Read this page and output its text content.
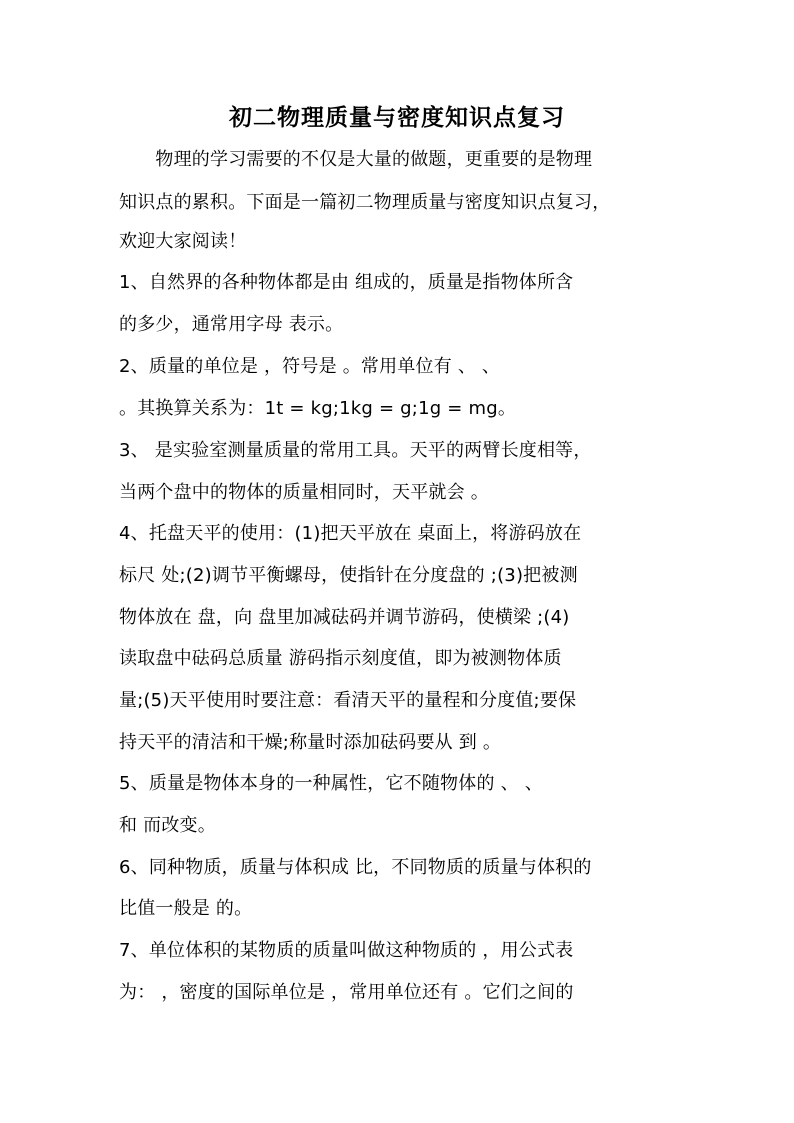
初二物理质量与密度知识点复习
　　物理的学习需要的不仅是大量的做题，更重要的是物理
知识点的累积。下面是一篇初二物理质量与密度知识点复习，
欢迎大家阅读！
1、自然界的各种物体都是由 组成的，质量是指物体所含
的多少，通常用字母 表示。
2、质量的单位是 ，符号是 。常用单位有 、 、
。其换算关系为：1t = kg;1kg = g;1g = mg。
3、 是实验室测量质量的常用工具。天平的两臂长度相等，
当两个盘中的物体的质量相同时，天平就会 。
4、托盘天平的使用：(1)把天平放在 桌面上，将游码放在
标尺 处;(2)调节平衡螺母，使指针在分度盘的 ;(3)把被测
物体放在 盘，向 盘里加减砝码并调节游码，使横梁 ;(4)
读取盘中砝码总质量 游码指示刻度值，即为被测物体质
量;(5)天平使用时要注意：看清天平的量程和分度值;要保
持天平的清洁和干燥;称量时添加砝码要从 到 。
5、质量是物体本身的一种属性，它不随物体的 、 、
和 而改变。
6、同种物质，质量与体积成 比，不同物质的质量与体积的
比值一般是 的。
7、单位体积的某物质的质量叫做这种物质的 ，用公式表
为： ，密度的国际单位是 ，常用单位还有 。它们之间的
